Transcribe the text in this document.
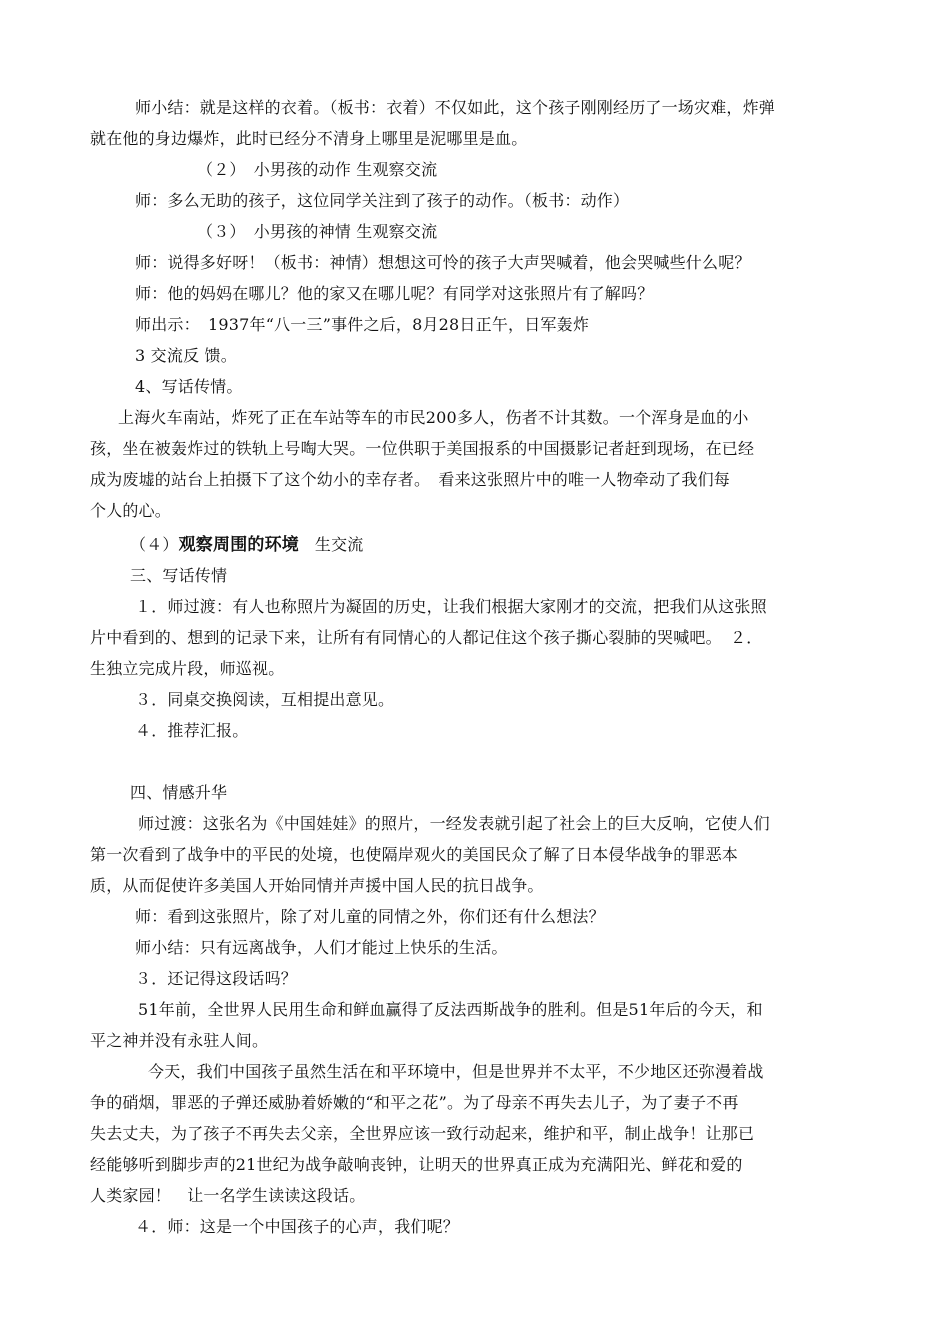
师小结：就是这样的衣着。（板书：衣着）不仅如此，这个孩子刚刚经历了一场灾难，炸弹
就在他的身边爆炸，此时已经分不清身上哪里是泥哪里是血。
（２）　小男孩的动作 生观察交流
师：多么无助的孩子，这位同学关注到了孩子的动作。（板书：动作）
（３）　小男孩的神情 生观察交流
师：说得多好呀！（板书：神情）想想这可怜的孩子大声哭喊着，他会哭喊些什么呢？
师：他的妈妈在哪儿？他的家又在哪儿呢？有同学对这张照片有了解吗？
师出示：　1937年“八一三”事件之后，8月28日正午，日军轰炸
3 交流反 馈。
4、写话传情。
上海火车南站，炸死了正在车站等车的市民200多人，伤者不计其数。一个浑身是血的小
孩，坐在被轰炸过的铁轨上号啕大哭。一位供职于美国报系的中国摄影记者赶到现场，在已经
成为废墟的站台上拍摄下了这个幼小的幸存者。　看来这张照片中的唯一人物牵动了我们每
个人的心。
（４）观察周围的环境 生交流
三、写话传情
１．师过渡：有人也称照片为凝固的历史，让我们根据大家刚才的交流，把我们从这张照
片中看到的、想到的记录下来，让所有有同情心的人都记住这个孩子撕心裂肺的哭喊吧。　２．
生独立完成片段，师巡视。
３．同桌交换阅读，互相提出意见。
４．推荐汇报。
四、情感升华
师过渡：这张名为《中国娃娃》的照片，一经发表就引起了社会上的巨大反响，它使人们
第一次看到了战争中的平民的处境，也使隔岸观火的美国民众了解了日本侵华战争的罪恶本
质，从而促使许多美国人开始同情并声援中国人民的抗日战争。
师：看到这张照片，除了对儿童的同情之外，你们还有什么想法？
师小结：只有远离战争，人们才能过上快乐的生活。
３．还记得这段话吗？
51年前，全世界人民用生命和鲜血赢得了反法西斯战争的胜利。但是51年后的今天，和
平之神并没有永驻人间。
今天，我们中国孩子虽然生活在和平环境中，但是世界并不太平，不少地区还弥漫着战
争的硝烟，罪恶的子弹还威胁着娇嫩的“和平之花”。为了母亲不再失去儿子，为了妻子不再
失去丈夫，为了孩子不再失去父亲，全世界应该一致行动起来，维护和平，制止战争！让那已
经能够听到脚步声的21世纪为战争敲响丧钟，让明天的世界真正成为充满阳光、鲜花和爱的
人类家园！　让一名学生读读这段话。
４．师：这是一个中国孩子的心声，我们呢？
